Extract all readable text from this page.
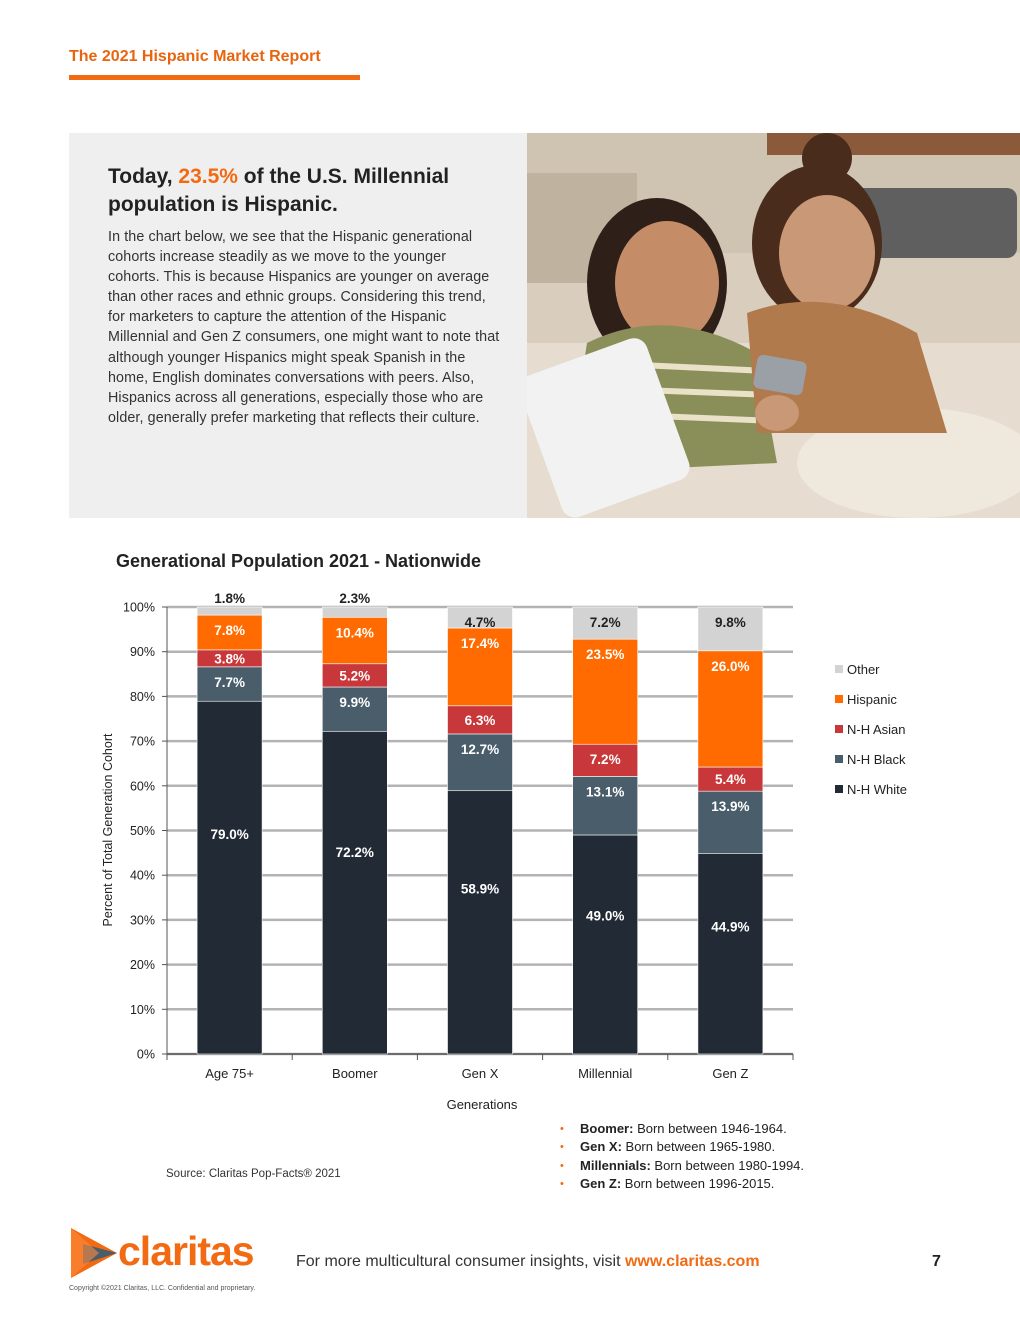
The 2021 Hispanic Market Report
Today, 23.5% of the U.S. Millennial population is Hispanic.

In the chart below, we see that the Hispanic generational cohorts increase steadily as we move to the younger cohorts. This is because Hispanics are younger on average than other races and ethnic groups. Considering this trend, for marketers to capture the attention of the Hispanic Millennial and Gen Z consumers, one might want to note that although younger Hispanics might speak Spanish in the home, English dominates conversations with peers. Also, Hispanics across all generations, especially those who are older, generally prefer marketing that reflects their culture.

Generational Population 2021 - Nationwide
0%
10%
20%
30%
40%
50%
60%
70%
80%
90%
100%
79.0%
7.7%
3.8%
7.8%
1.8%
Age 75+
72.2%
9.9%
5.2%
10.4%
2.3%
Boomer
58.9%
12.7%
6.3%
17.4%
4.7%
Gen X
49.0%
13.1%
7.2%
23.5%
7.2%
Millennial
44.9%
13.9%
5.4%
26.0%
9.8%
Gen Z
Generations
Percent of Total Generation Cohort
Other
Hispanic
N-H Asian
N-H Black
N-H White
• Boomer: Born between 1946-1964.
• Gen X: Born between 1965-1980.
• Millennials: Born between 1980-1994.
• Gen Z: Born between 1996-2015.
Source: Claritas Pop-Facts® 2021
claritas	For more multicultural consumer insights, visit www.claritas.com	7
Copyright ©2021 Claritas, LLC. Confidential and proprietary.
